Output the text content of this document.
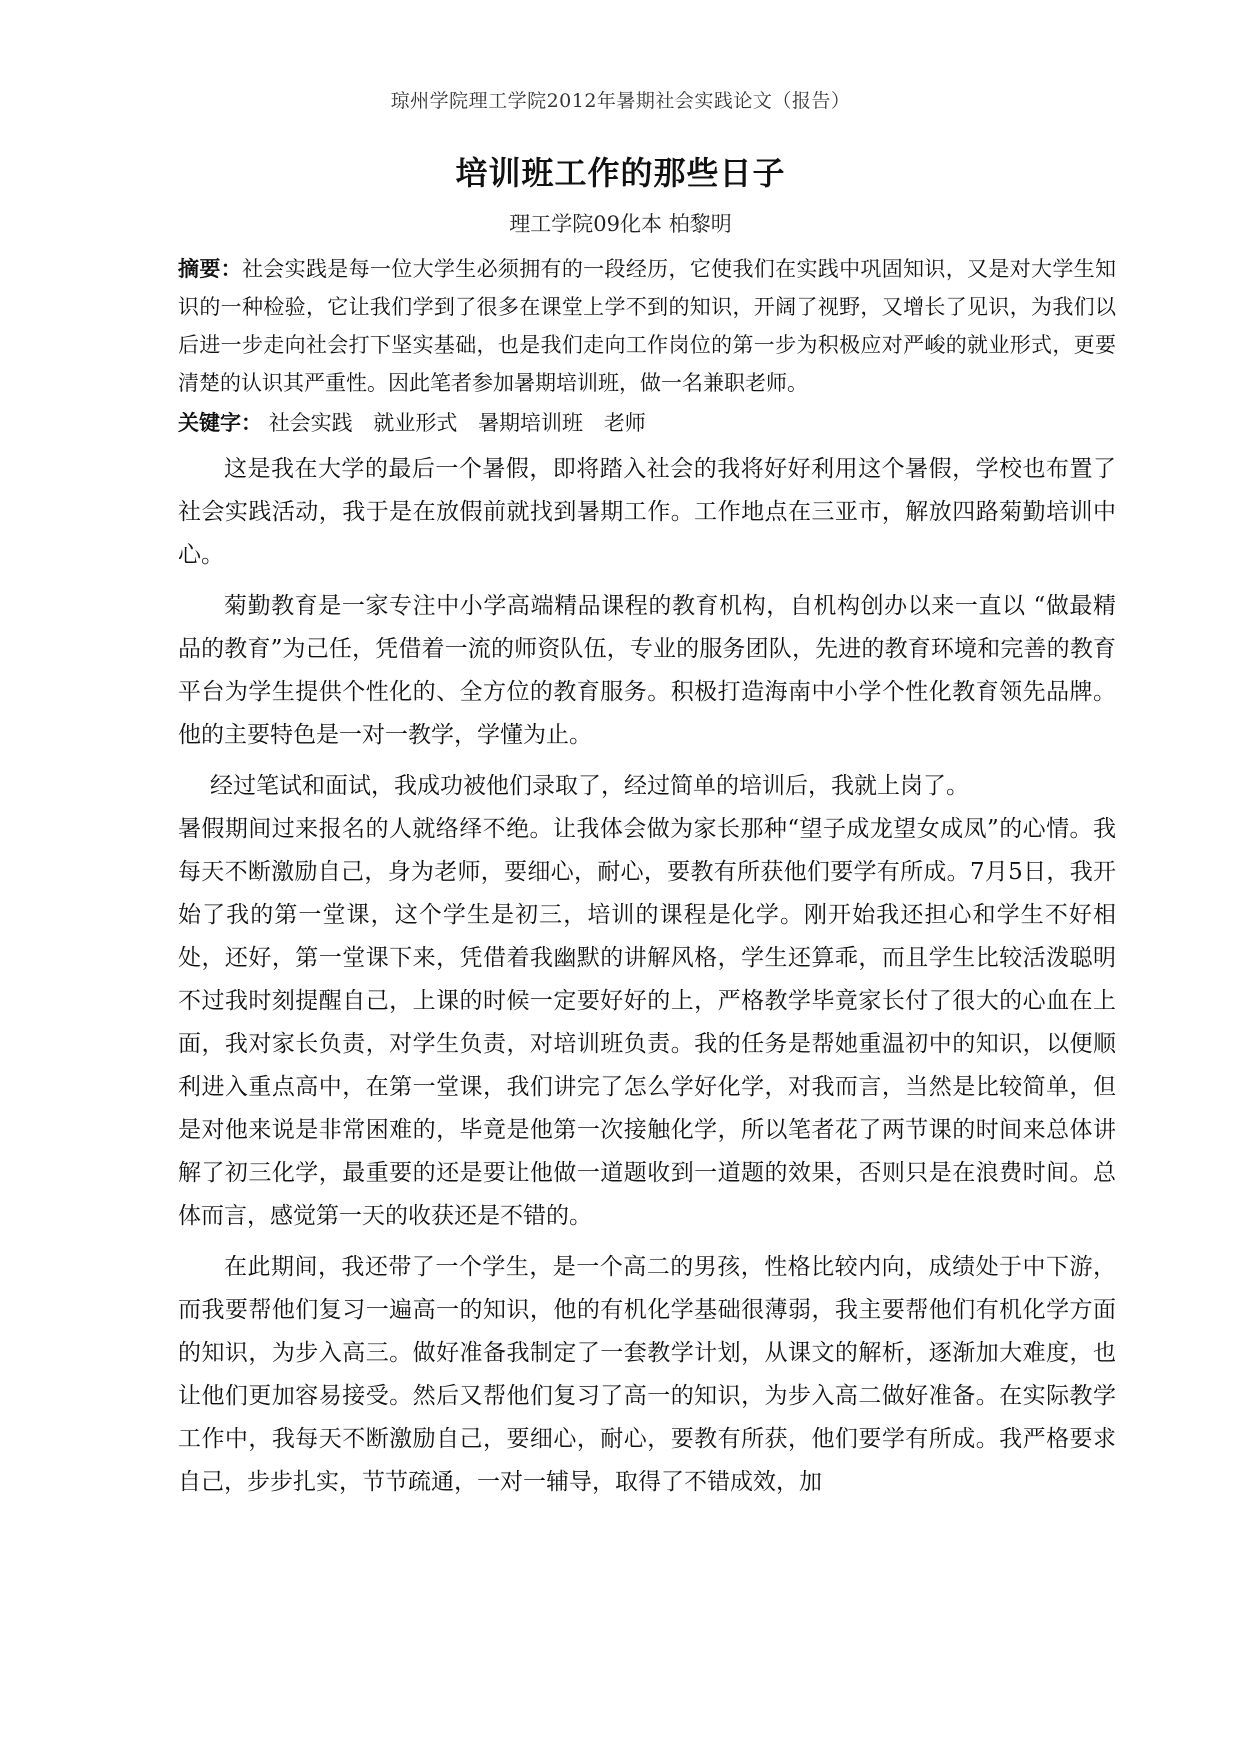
琼州学院理工学院2012年暑期社会实践论文（报告）
培训班工作的那些日子
理工学院09化本 柏黎明

摘要：社会实践是每一位大学生必须拥有的一段经历，它使我们在实践中巩固知识，又是对大学生知识的一种检验，它让我们学到了很多在课堂上学不到的知识，开阔了视野，又增长了见识，为我们以后进一步走向社会打下坚实基础，也是我们走向工作岗位的第一步为积极应对严峻的就业形式，更要清楚的认识其严重性。因此笔者参加暑期培训班，做一名兼职老师。

关键字： 社会实践 就业形式 暑期培训班 老师

这是我在大学的最后一个暑假，即将踏入社会的我将好好利用这个暑假，学校也布置了社会实践活动，我于是在放假前就找到暑期工作。工作地点在三亚市，解放四路菊勤培训中心。

菊勤教育是一家专注中小学高端精品课程的教育机构，自机构创办以来一直以 “做最精品的教育”为己任，凭借着一流的师资队伍，专业的服务团队，先进的教育环境和完善的教育平台为学生提供个性化的、全方位的教育服务。积极打造海南中小学个性化教育领先品牌。他的主要特色是一对一教学，学懂为止。

经过笔试和面试，我成功被他们录取了，经过简单的培训后，我就上岗了。

暑假期间过来报名的人就络绎不绝。让我体会做为家长那种“望子成龙望女成凤”的心情。我每天不断激励自己，身为老师，要细心，耐心，要教有所获他们要学有所成。7月5日，我开始了我的第一堂课，这个学生是初三，培训的课程是化学。刚开始我还担心和学生不好相处，还好，第一堂课下来，凭借着我幽默的讲解风格，学生还算乖，而且学生比较活泼聪明不过我时刻提醒自己，上课的时候一定要好好的上，严格教学毕竟家长付了很大的心血在上面，我对家长负责，对学生负责，对培训班负责。我的任务是帮她重温初中的知识，以便顺利进入重点高中，在第一堂课，我们讲完了怎么学好化学，对我而言，当然是比较简单，但是对他来说是非常困难的，毕竟是他第一次接触化学，所以笔者花了两节课的时间来总体讲解了初三化学，最重要的还是要让他做一道题收到一道题的效果，否则只是在浪费时间。总体而言，感觉第一天的收获还是不错的。

在此期间，我还带了一个学生，是一个高二的男孩，性格比较内向，成绩处于中下游，而我要帮他们复习一遍高一的知识，他的有机化学基础很薄弱，我主要帮他们有机化学方面的知识，为步入高三。做好准备我制定了一套教学计划，从课文的解析，逐渐加大难度，也让他们更加容易接受。然后又帮他们复习了高一的知识，为步入高二做好准备。在实际教学工作中，我每天不断激励自己，要细心，耐心，要教有所获，他们要学有所成。我严格要求自己，步步扎实，节节疏通，一对一辅导，取得了不错成效，加
